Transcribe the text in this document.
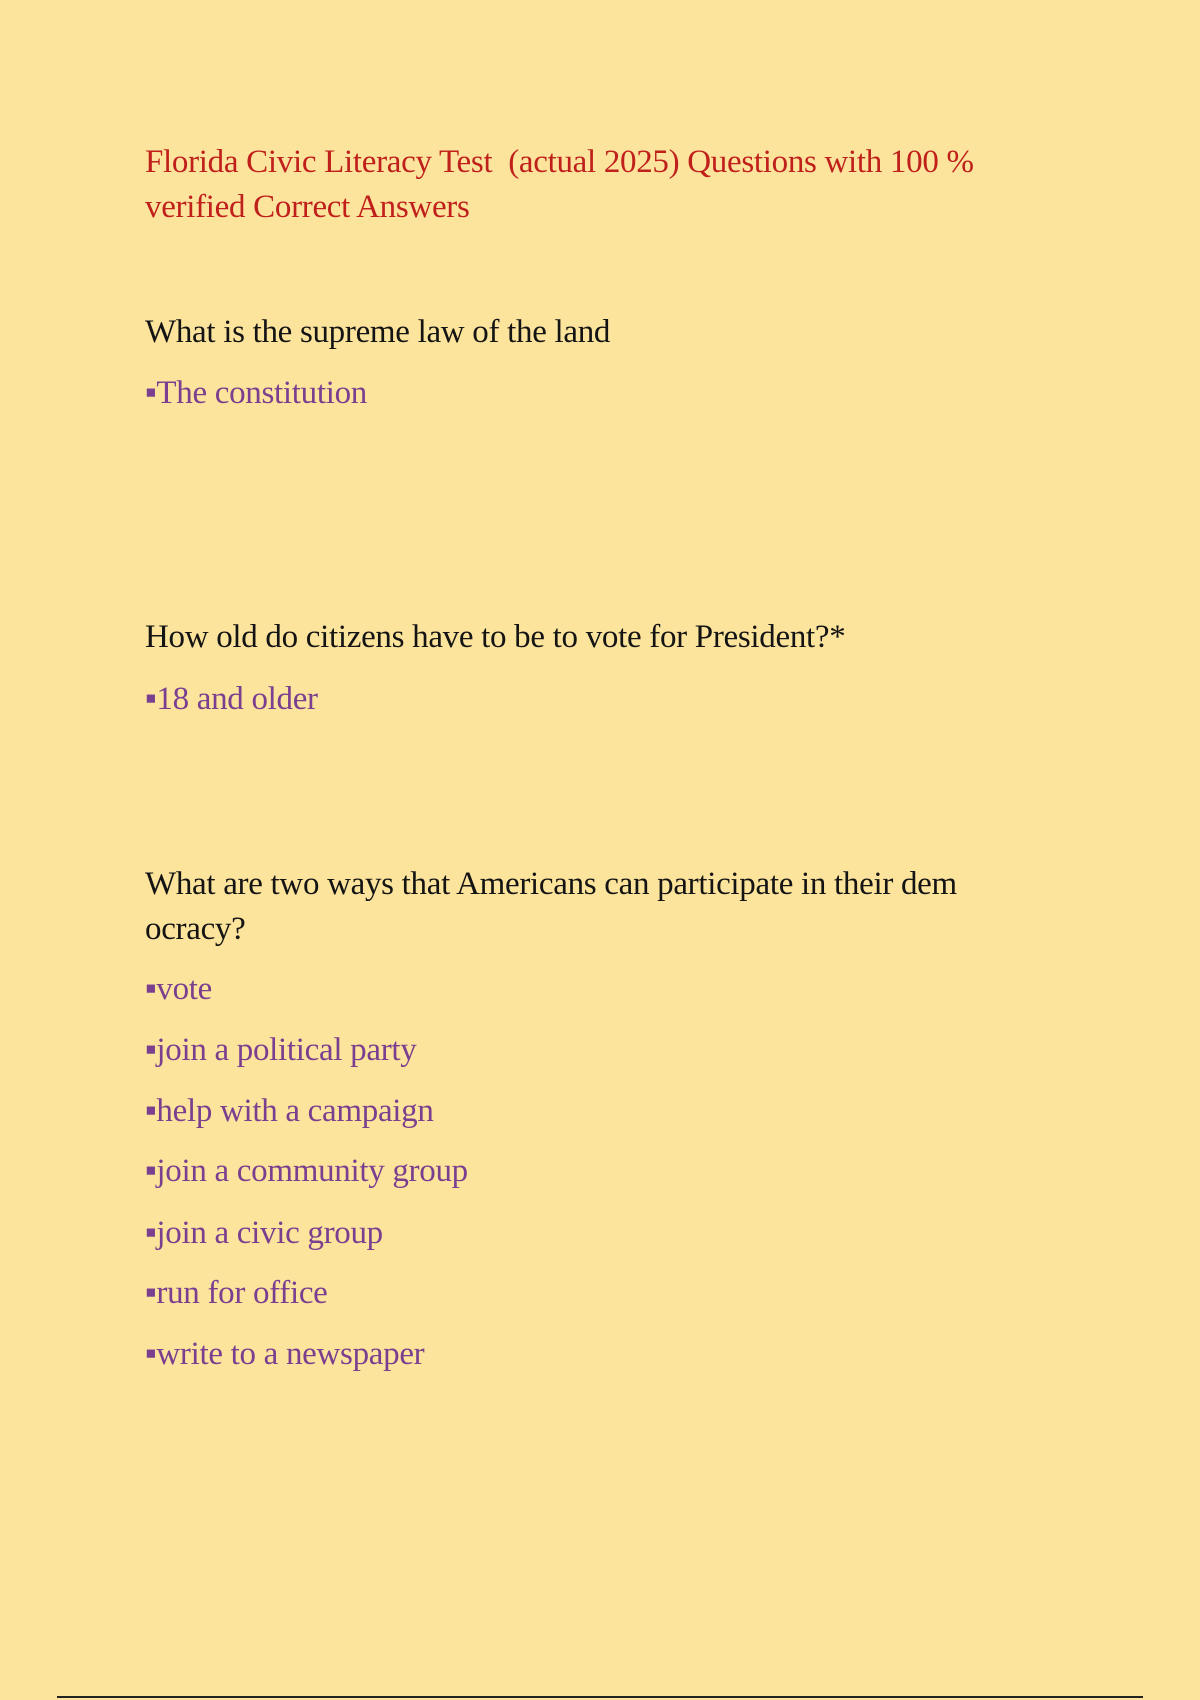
Florida Civic Literacy Test  (actual 2025) Questions with 100 % verified Correct Answers

What is the supreme law of the land

▪The constitution

How old do citizens have to be to vote for President?*

▪18 and older

What are two ways that Americans can participate in their dem ocracy?

▪vote

▪join a political party

▪help with a campaign

▪join a community group

▪join a civic group

▪run for office

▪write to a newspaper
